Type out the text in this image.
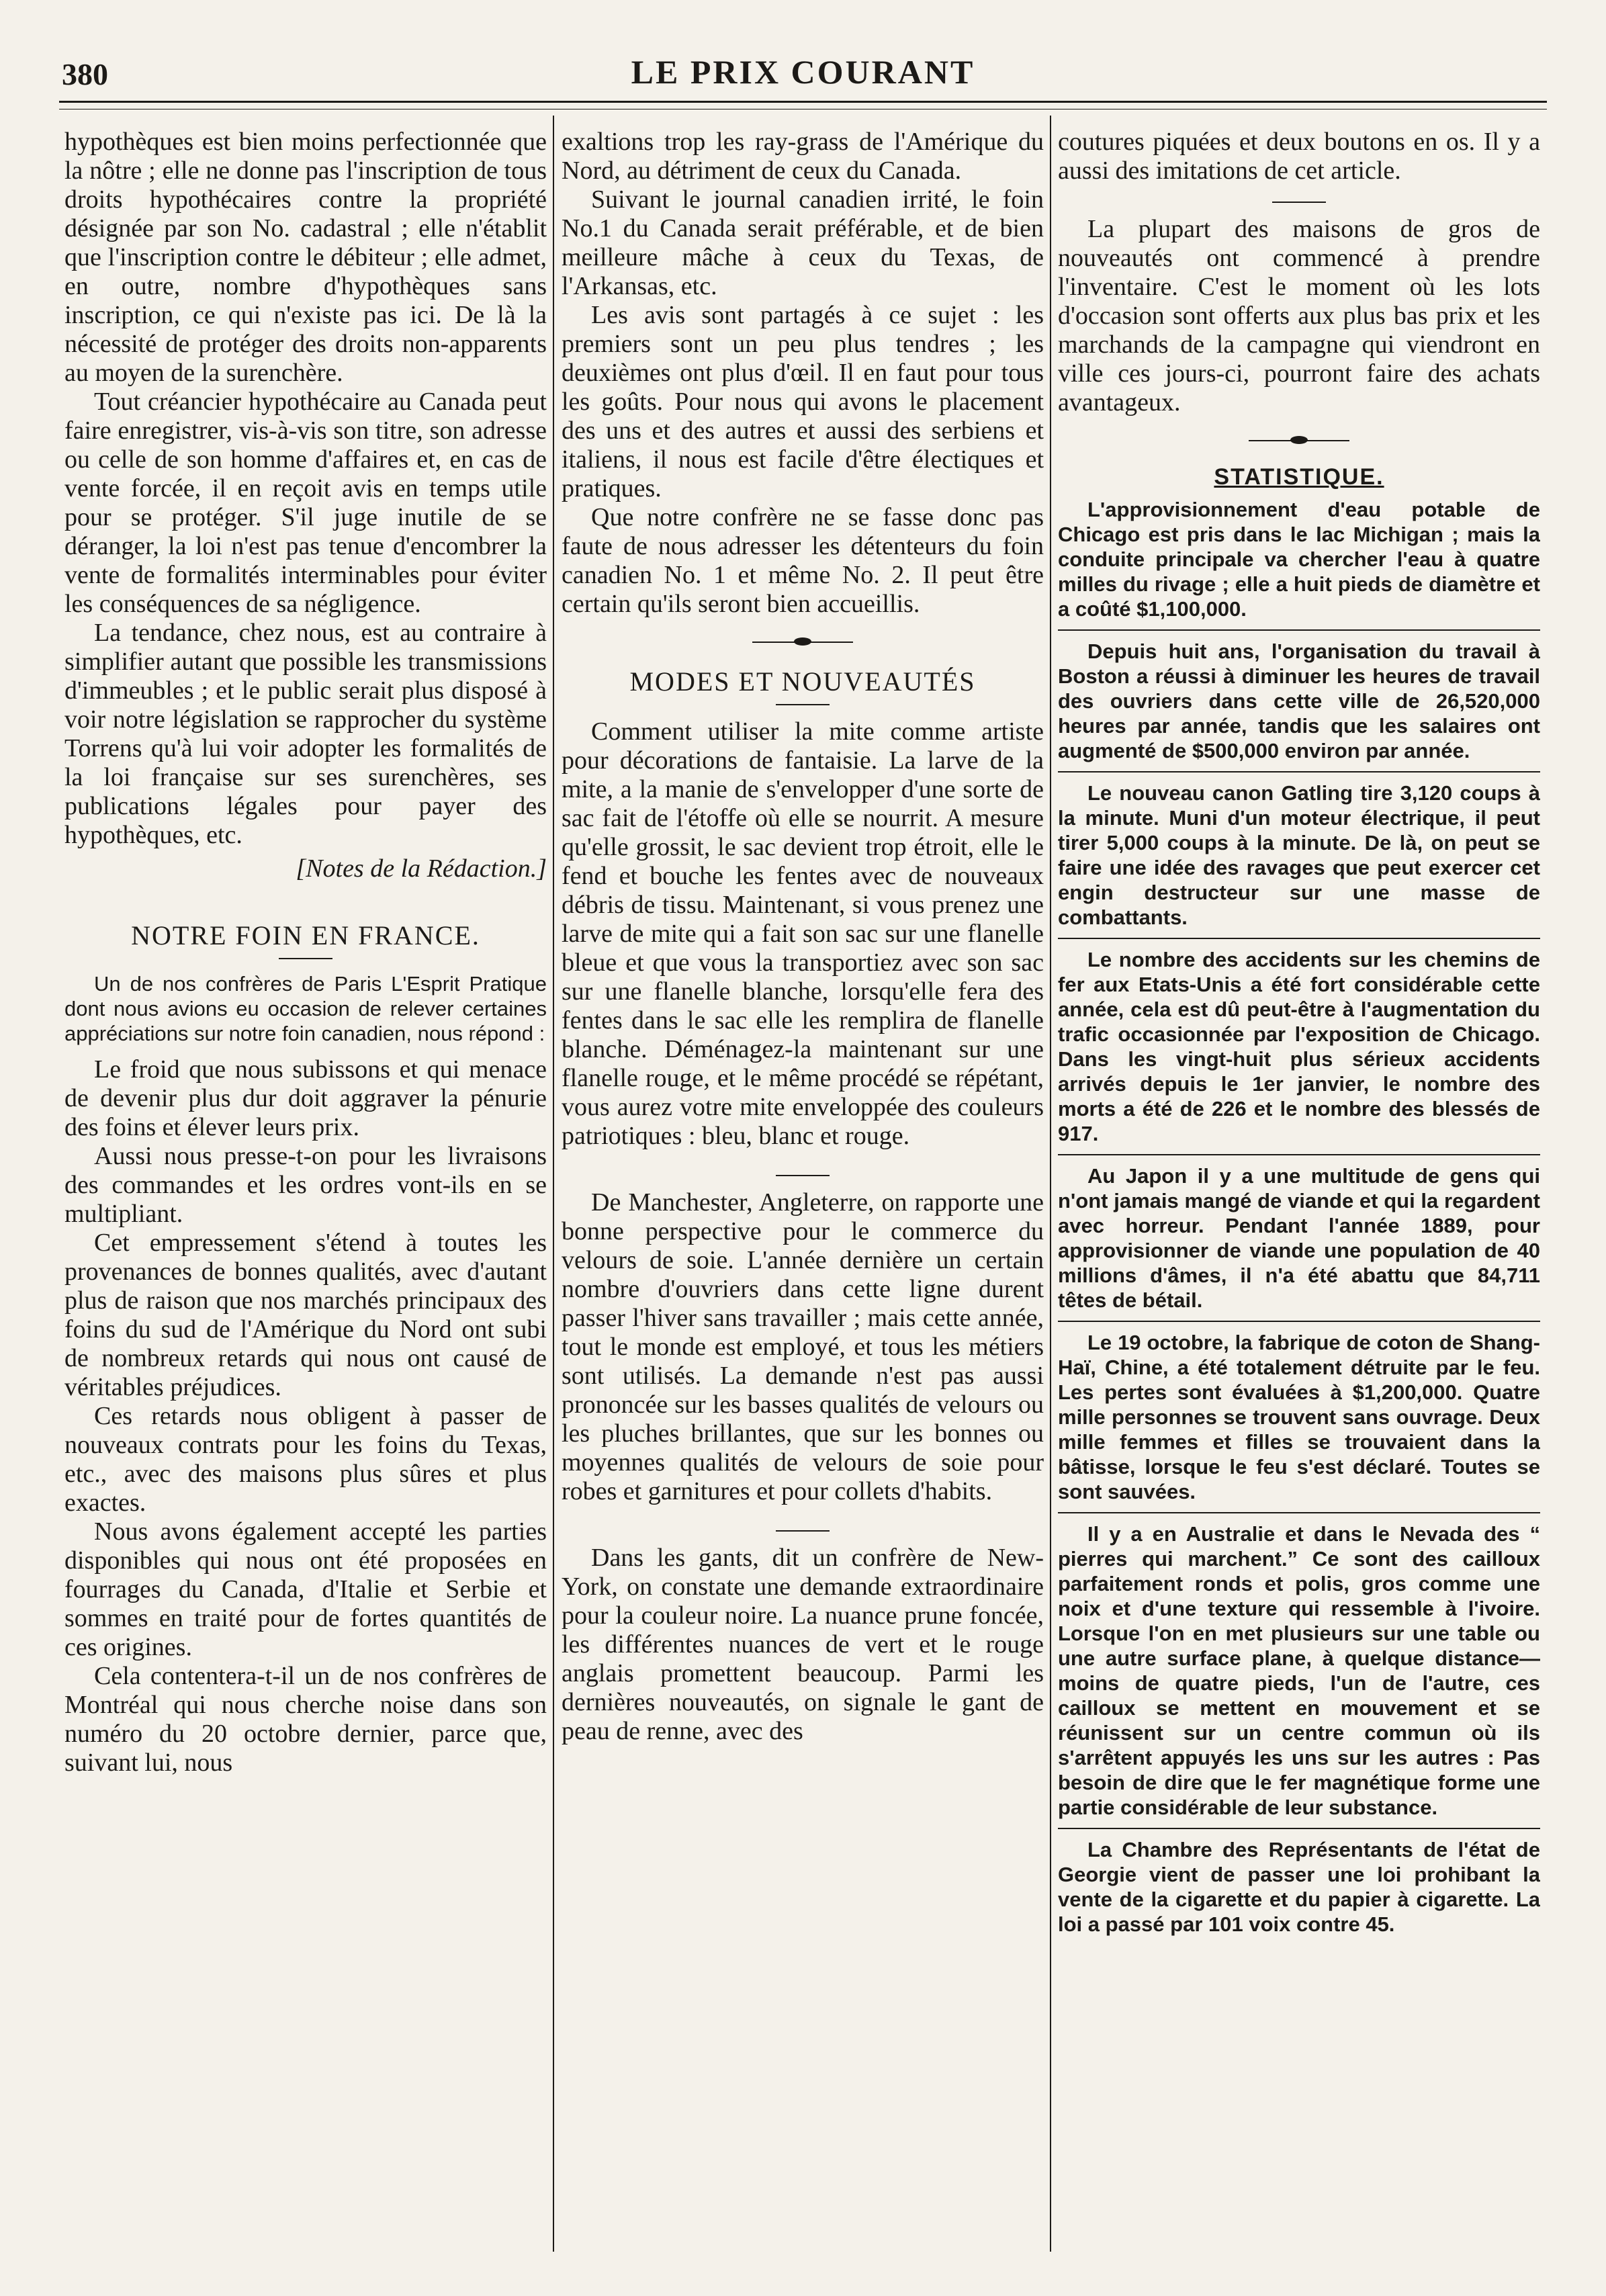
380	LE PRIX COURANT

hypothèques est bien moins perfectionnée que la nôtre ; elle ne donne pas l'inscription de tous droits hypothécaires contre la propriété désignée par son No. cadastral ; elle n'établit que l'inscription contre le débiteur ; elle admet, en outre, nombre d'hypothèques sans inscription, ce qui n'existe pas ici. De là la nécessité de protéger des droits non-apparents au moyen de la surenchère.

Tout créancier hypothécaire au Canada peut faire enregistrer, vis-à-vis son titre, son adresse ou celle de son homme d'affaires et, en cas de vente forcée, il en reçoit avis en temps utile pour se protéger. S'il juge inutile de se déranger, la loi n'est pas tenue d'encombrer la vente de formalités interminables pour éviter les conséquences de sa négligence.

La tendance, chez nous, est au contraire à simplifier autant que possible les transmissions d'immeubles ; et le public serait plus disposé à voir notre législation se rapprocher du système Torrens qu'à lui voir adopter les formalités de la loi française sur ses surenchères, ses publications légales pour payer des hypothèques, etc.

[Notes de la Rédaction.]
NOTRE FOIN EN FRANCE.

Un de nos confrères de Paris L'Esprit Pratique dont nous avions eu occasion de relever certaines appréciations sur notre foin canadien, nous répond :

Le froid que nous subissons et qui menace de devenir plus dur doit aggraver la pénurie des foins et élever leurs prix.

Aussi nous presse-t-on pour les livraisons des commandes et les ordres vont-ils en se multipliant.

Cet empressement s'étend à toutes les provenances de bonnes qualités, avec d'autant plus de raison que nos marchés principaux des foins du sud de l'Amérique du Nord ont subi de nombreux retards qui nous ont causé de véritables préjudices.

Ces retards nous obligent à passer de nouveaux contrats pour les foins du Texas, etc., avec des maisons plus sûres et plus exactes.

Nous avons également accepté les parties disponibles qui nous ont été proposées en fourrages du Canada, d'Italie et Serbie et sommes en traité pour de fortes quantités de ces origines.

Cela contentera-t-il un de nos confrères de Montréal qui nous cherche noise dans son numéro du 20 octobre dernier, parce que, suivant lui, nous

exaltions trop les ray-grass de l'Amérique du Nord, au détriment de ceux du Canada.

Suivant le journal canadien irrité, le foin No.1 du Canada serait préférable, et de bien meilleure mâche à ceux du Texas, de l'Arkansas, etc.

Les avis sont partagés à ce sujet : les premiers sont un peu plus tendres ; les deuxièmes ont plus d'œil. Il en faut pour tous les goûts. Pour nous qui avons le placement des uns et des autres et aussi des serbiens et italiens, il nous est facile d'être électiques et pratiques.

Que notre confrère ne se fasse donc pas faute de nous adresser les détenteurs du foin canadien No. 1 et même No. 2. Il peut être certain qu'ils seront bien accueillis.

MODES ET NOUVEAUTÉS

Comment utiliser la mite comme artiste pour décorations de fantaisie. La larve de la mite, a la manie de s'envelopper d'une sorte de sac fait de l'étoffe où elle se nourrit. A mesure qu'elle grossit, le sac devient trop étroit, elle le fend et bouche les fentes avec de nouveaux débris de tissu. Maintenant, si vous prenez une larve de mite qui a fait son sac sur une flanelle bleue et que vous la transportiez avec son sac sur une flanelle blanche, lorsqu'elle fera des fentes dans le sac elle les remplira de flanelle blanche. Déménagez-la maintenant sur une flanelle rouge, et le même procédé se répétant, vous aurez votre mite enveloppée des couleurs patriotiques : bleu, blanc et rouge.

De Manchester, Angleterre, on rapporte une bonne perspective pour le commerce du velours de soie. L'année dernière un certain nombre d'ouvriers dans cette ligne durent passer l'hiver sans travailler ; mais cette année, tout le monde est employé, et tous les métiers sont utilisés. La demande n'est pas aussi prononcée sur les basses qualités de velours ou les pluches brillantes, que sur les bonnes ou moyennes qualités de velours de soie pour robes et garnitures et pour collets d'habits.

Dans les gants, dit un confrère de New-York, on constate une demande extraordinaire pour la couleur noire. La nuance prune foncée, les différentes nuances de vert et le rouge anglais promettent beaucoup. Parmi les dernières nouveautés, on signale le gant de peau de renne, avec des

coutures piquées et deux boutons en os. Il y a aussi des imitations de cet article.

La plupart des maisons de gros de nouveautés ont commencé à prendre l'inventaire. C'est le moment où les lots d'occasion sont offerts aux plus bas prix et les marchands de la campagne qui viendront en ville ces jours-ci, pourront faire des achats avantageux.

STATISTIQUE.

L'approvisionnement d'eau potable de Chicago est pris dans le lac Michigan ; mais la conduite principale va chercher l'eau à quatre milles du rivage ; elle a huit pieds de diamètre et a coûté $1,100,000.

Depuis huit ans, l'organisation du travail à Boston a réussi à diminuer les heures de travail des ouvriers dans cette ville de 26,520,000 heures par année, tandis que les salaires ont augmenté de $500,000 environ par année.

Le nouveau canon Gatling tire 3,120 coups à la minute. Muni d'un moteur électrique, il peut tirer 5,000 coups à la minute. De là, on peut se faire une idée des ravages que peut exercer cet engin destructeur sur une masse de combattants.

Le nombre des accidents sur les chemins de fer aux Etats-Unis a été fort considérable cette année, cela est dû peut-être à l'augmentation du trafic occasionnée par l'exposition de Chicago. Dans les vingt-huit plus sérieux accidents arrivés depuis le 1er janvier, le nombre des morts a été de 226 et le nombre des blessés de 917.

Au Japon il y a une multitude de gens qui n'ont jamais mangé de viande et qui la regardent avec horreur. Pendant l'année 1889, pour approvisionner de viande une population de 40 millions d'âmes, il n'a été abattu que 84,711 têtes de bétail.

Le 19 octobre, la fabrique de coton de Shang-Haï, Chine, a été totalement détruite par le feu. Les pertes sont évaluées à $1,200,000. Quatre mille personnes se trouvent sans ouvrage. Deux mille femmes et filles se trouvaient dans la bâtisse, lorsque le feu s'est déclaré. Toutes se sont sauvées.

Il y a en Australie et dans le Nevada des “ pierres qui marchent.” Ce sont des cailloux parfaitement ronds et polis, gros comme une noix et d'une texture qui ressemble à l'ivoire. Lorsque l'on en met plusieurs sur une table ou une autre surface plane, à quelque distance—moins de quatre pieds, l'un de l'autre, ces cailloux se mettent en mouvement et se réunissent sur un centre commun où ils s'arrêtent appuyés les uns sur les autres : Pas besoin de dire que le fer magnétique forme une partie considérable de leur substance.

La Chambre des Représentants de l'état de Georgie vient de passer une loi prohibant la vente de la cigarette et du papier à cigarette. La loi a passé par 101 voix contre 45.
